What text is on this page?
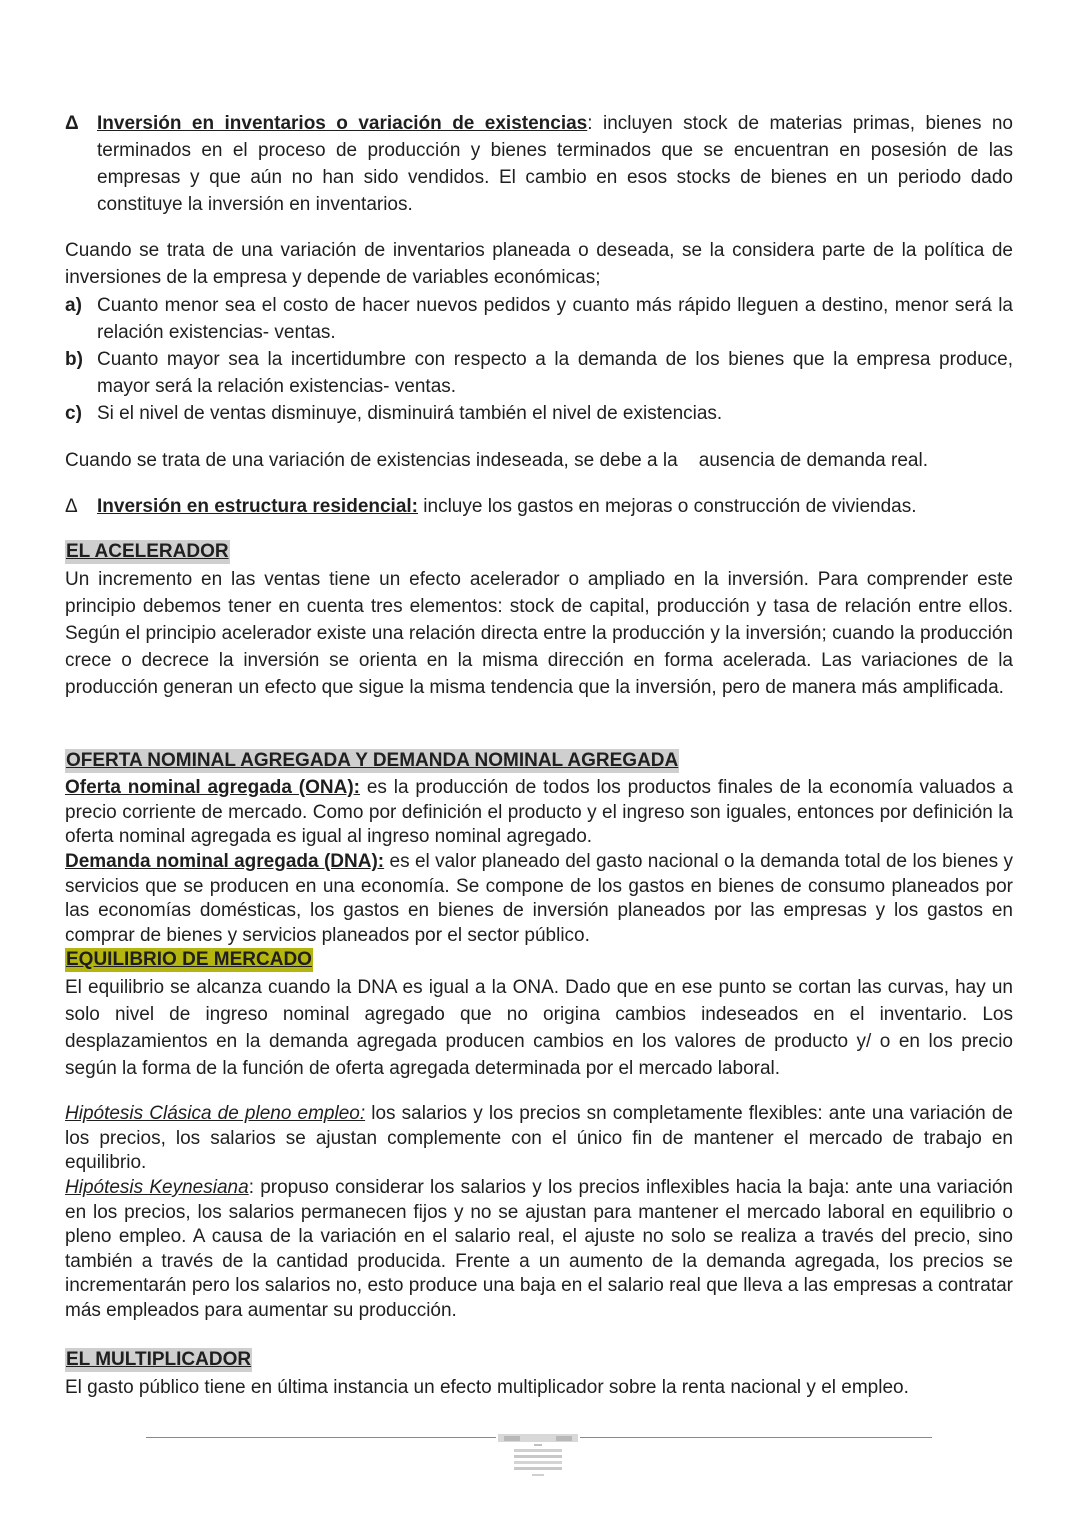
Δ Inversión en inventarios o variación de existencias: incluyen stock de materias primas, bienes no terminados en el proceso de producción y bienes terminados que se encuentran en posesión de las empresas y que aún no han sido vendidos. El cambio en esos stocks de bienes en un periodo dado constituye la inversión en inventarios.

Cuando se trata de una variación de inventarios planeada o deseada, se la considera parte de la política de inversiones de la empresa y depende de variables económicas;

a) Cuanto menor sea el costo de hacer nuevos pedidos y cuanto más rápido lleguen a destino, menor será la relación existencias- ventas.
b) Cuanto mayor sea la incertidumbre con respecto a la demanda de los bienes que la empresa produce, mayor será la relación existencias- ventas.
c) Si el nivel de ventas disminuye, disminuirá también el nivel de existencias.

Cuando se trata de una variación de existencias indeseada, se debe a la    ausencia de demanda real.

Δ Inversión en estructura residencial: incluye los gastos en mejoras o construcción de viviendas.
EL ACELERADOR

Un incremento en las ventas tiene un efecto acelerador o ampliado en la inversión. Para comprender este principio debemos tener en cuenta tres elementos: stock de capital, producción y tasa de relación entre ellos. Según el principio acelerador existe una relación directa entre la producción y la inversión; cuando la producción crece o decrece la inversión se orienta en la misma dirección en forma acelerada. Las variaciones de la producción generan un efecto que sigue la misma tendencia que la inversión, pero de manera más amplificada.

OFERTA NOMINAL AGREGADA Y DEMANDA NOMINAL AGREGADA

Oferta nominal agregada (ONA): es la producción de todos los productos finales de la economía valuados a precio corriente de mercado. Como por definición el producto y el ingreso son iguales, entonces por definición la oferta nominal agregada es igual al ingreso nominal agregado.

Demanda nominal agregada (DNA): es el valor planeado del gasto nacional o la demanda total de los bienes y servicios que se producen en una economía. Se compone de los gastos en bienes de consumo planeados por las economías domésticas, los gastos en bienes de inversión planeados por las empresas y los gastos en comprar de bienes y servicios planeados por el sector público.

EQUILIBRIO DE MERCADO

El equilibrio se alcanza cuando la DNA es igual a la ONA. Dado que en ese punto se cortan las curvas, hay un solo nivel de ingreso nominal agregado que no origina cambios indeseados en el inventario. Los desplazamientos en la demanda agregada producen cambios en los valores de producto y/ o en los precio según la forma de la función de oferta agregada determinada por el mercado laboral.

Hipótesis Clásica de pleno empleo: los salarios y los precios sn completamente flexibles: ante una variación de los precios, los salarios se ajustan complemente con el único fin de mantener el mercado de trabajo en equilibrio.

Hipótesis Keynesiana: propuso considerar los salarios y los precios inflexibles hacia la baja: ante una variación en los precios, los salarios permanecen fijos y no se ajustan para mantener el mercado laboral en equilibrio o pleno empleo. A causa de la variación en el salario real, el ajuste no solo se realiza a través del precio, sino también a través de la cantidad producida. Frente a un aumento de la demanda agregada, los precios se incrementarán pero los salarios no, esto produce una baja en el salario real que lleva a las empresas a contratar más empleados para aumentar su producción.

EL MULTIPLICADOR

El gasto público tiene en última instancia un efecto multiplicador sobre la renta nacional y el empleo.
